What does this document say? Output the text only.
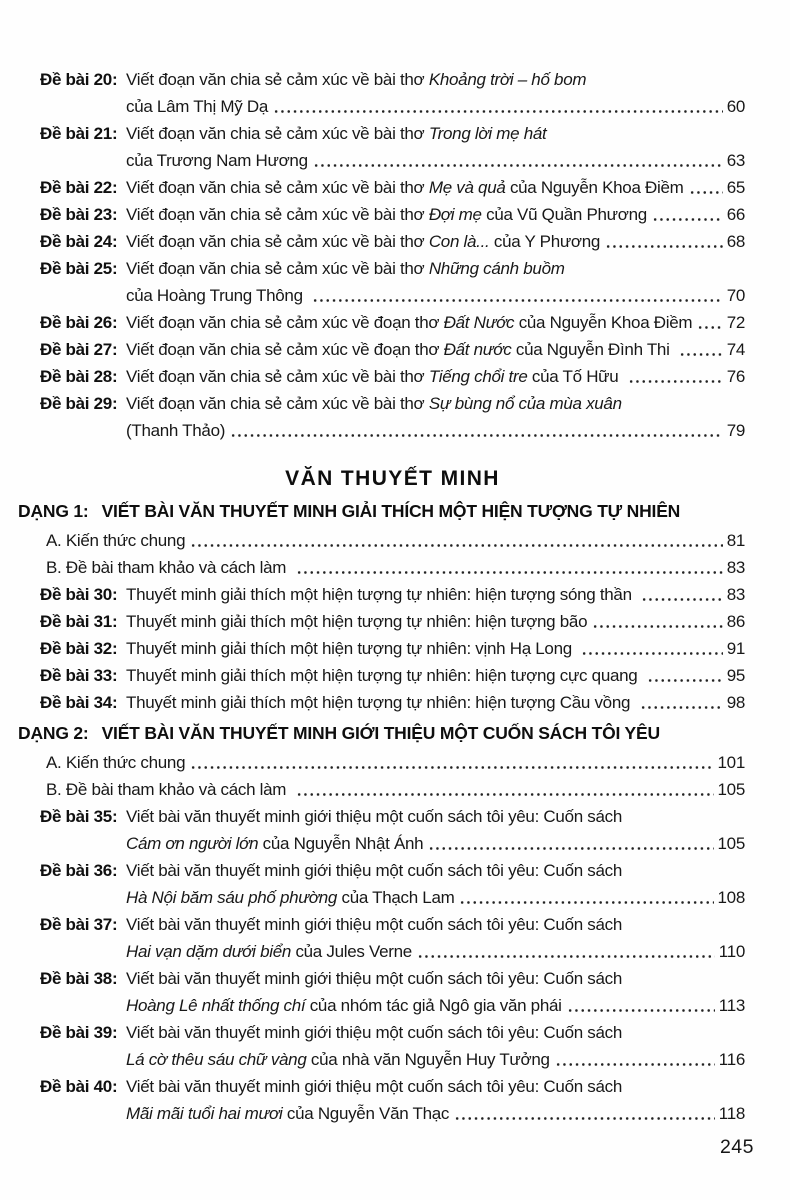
Đề bài 20: Viết đoạn văn chia sẻ cảm xúc về bài thơ Khoảng trời – hố bom
của Lâm Thị Mỹ Dạ	60
Đề bài 21: Viết đoạn văn chia sẻ cảm xúc về bài thơ Trong lời mẹ hát
của Trương Nam Hương	63
Đề bài 22: Viết đoạn văn chia sẻ cảm xúc về bài thơ Mẹ và quả của Nguyễn Khoa Điềm	65
Đề bài 23: Viết đoạn văn chia sẻ cảm xúc về bài thơ Đợi mẹ của Vũ Quần Phương	66
Đề bài 24: Viết đoạn văn chia sẻ cảm xúc về bài thơ Con là... của Y Phương	68
Đề bài 25: Viết đoạn văn chia sẻ cảm xúc về bài thơ Những cánh buồm
của Hoàng Trung Thông	70
Đề bài 26: Viết đoạn văn chia sẻ cảm xúc về đoạn thơ Đất Nước của Nguyễn Khoa Điềm 72
Đề bài 27: Viết đoạn văn chia sẻ cảm xúc về đoạn thơ Đất nước của Nguyễn Đình Thi	74
Đề bài 28: Viết đoạn văn chia sẻ cảm xúc về bài thơ Tiếng chổi tre của Tố Hữu	76
Đề bài 29: Viết đoạn văn chia sẻ cảm xúc về bài thơ Sự bùng nổ của mùa xuân
(Thanh Thảo)	79
VĂN THUYẾT MINH
DẠNG 1: VIẾT BÀI VĂN THUYẾT MINH GIẢI THÍCH MỘT HIỆN TƯỢNG TỰ NHIÊN
A. Kiến thức chung	81
B. Đề bài tham khảo và cách làm	83
Đề bài 30: Thuyết minh giải thích một hiện tượng tự nhiên: hiện tượng sóng thần	83
Đề bài 31: Thuyết minh giải thích một hiện tượng tự nhiên: hiện tượng bão	86
Đề bài 32: Thuyết minh giải thích một hiện tượng tự nhiên: vịnh Hạ Long	91
Đề bài 33: Thuyết minh giải thích một hiện tượng tự nhiên: hiện tượng cực quang	95
Đề bài 34: Thuyết minh giải thích một hiện tượng tự nhiên: hiện tượng Cầu vồng	98
DẠNG 2: VIẾT BÀI VĂN THUYẾT MINH GIỚI THIỆU MỘT CUỐN SÁCH TÔI YÊU
A. Kiến thức chung	101
B. Đề bài tham khảo và cách làm	105
Đề bài 35: Viết bài văn thuyết minh giới thiệu một cuốn sách tôi yêu: Cuốn sách
Cám ơn người lớn của Nguyễn Nhật Ánh	105
Đề bài 36: Viết bài văn thuyết minh giới thiệu một cuốn sách tôi yêu: Cuốn sách
Hà Nội băm sáu phố phường của Thạch Lam	108
Đề bài 37: Viết bài văn thuyết minh giới thiệu một cuốn sách tôi yêu: Cuốn sách
Hai vạn dặm dưới biển của Jules Verne	110
Đề bài 38: Viết bài văn thuyết minh giới thiệu một cuốn sách tôi yêu: Cuốn sách
Hoàng Lê nhất thống chí của nhóm tác giả Ngô gia văn phái	113
Đề bài 39: Viết bài văn thuyết minh giới thiệu một cuốn sách tôi yêu: Cuốn sách
Lá cờ thêu sáu chữ vàng của nhà văn Nguyễn Huy Tưởng	116
Đề bài 40: Viết bài văn thuyết minh giới thiệu một cuốn sách tôi yêu: Cuốn sách
Mãi mãi tuổi hai mươi của Nguyễn Văn Thạc	118
245
